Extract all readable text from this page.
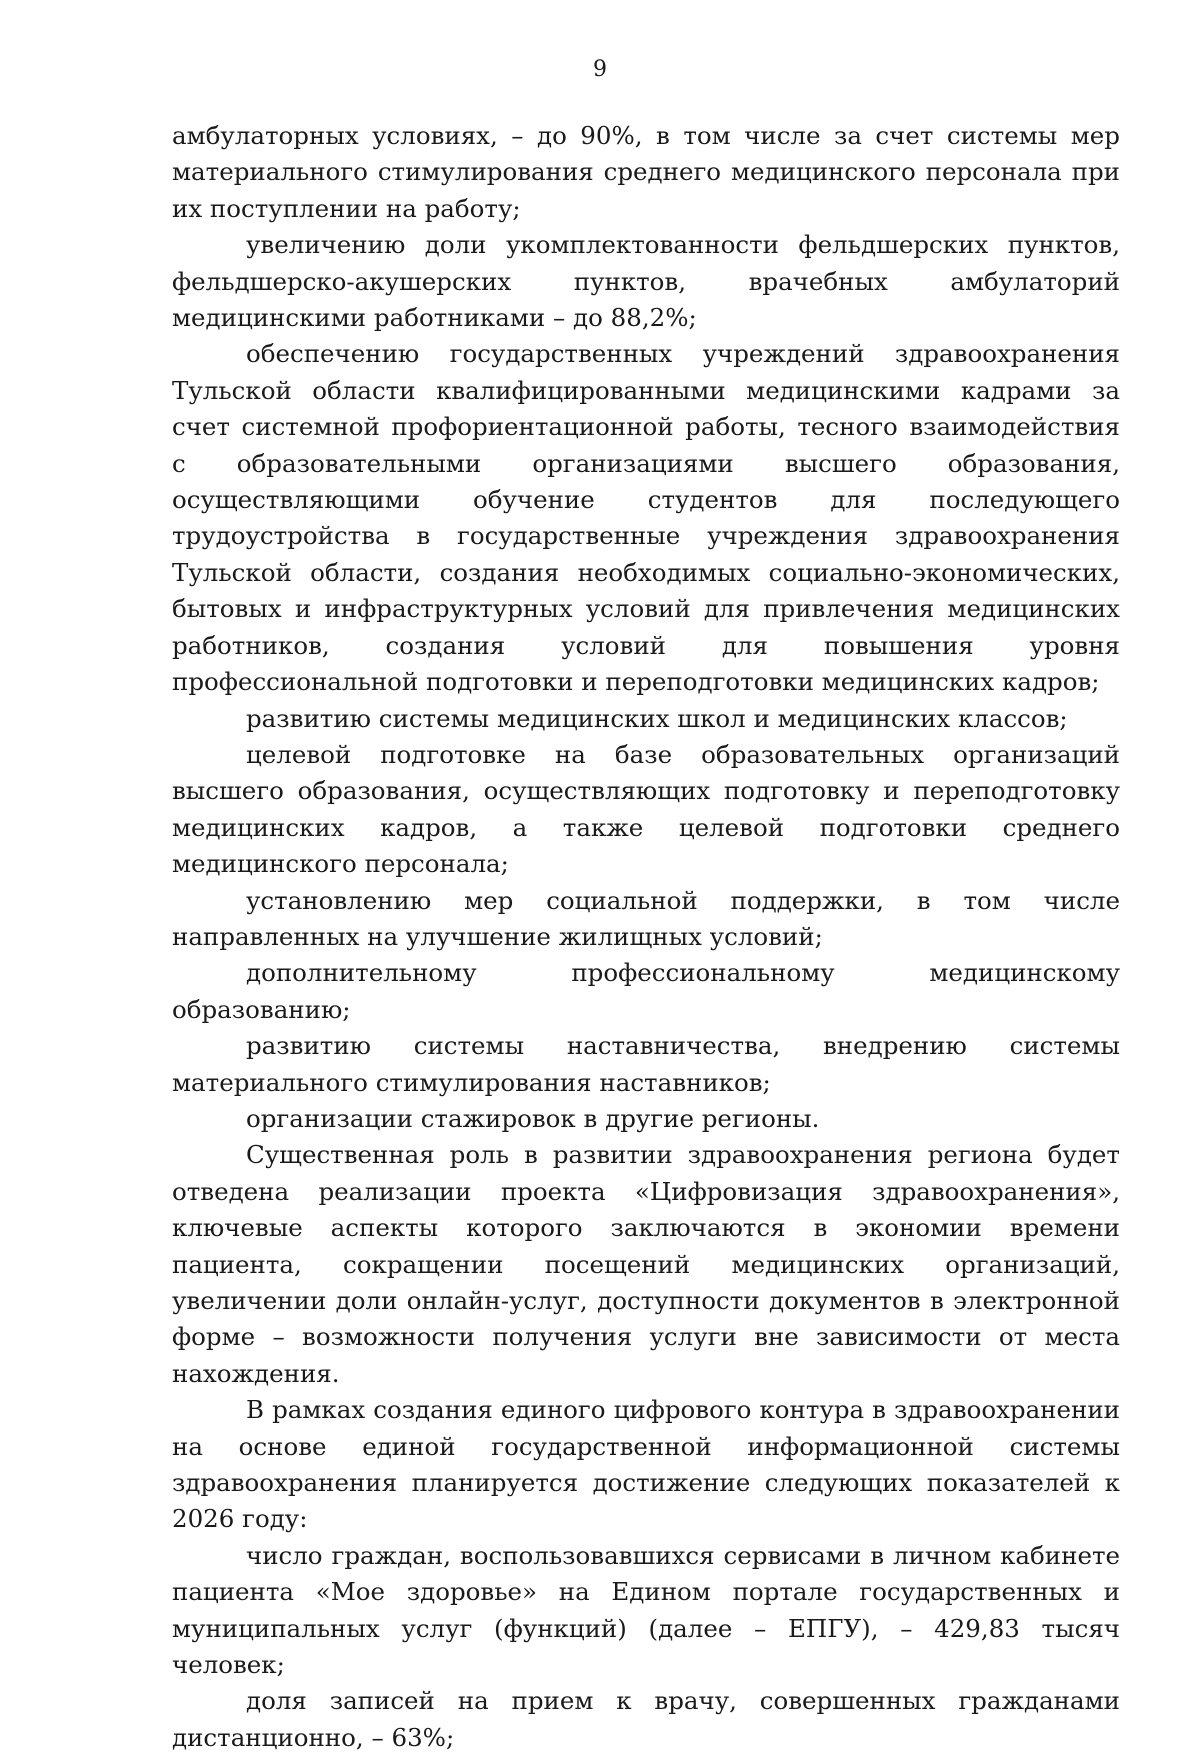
9

амбулаторных условиях, – до 90%, в том числе за счет системы мер материального стимулирования среднего медицинского персонала при их поступлении на работу;

увеличению доли укомплектованности фельдшерских пунктов, фельдшерско-акушерских пунктов, врачебных амбулаторий медицинскими работниками – до 88,2%;

обеспечению государственных учреждений здравоохранения Тульской области квалифицированными медицинскими кадрами за счет системной профориентационной работы, тесного взаимодействия с образовательными организациями высшего образования, осуществляющими обучение студентов для последующего трудоустройства в государственные учреждения здравоохранения Тульской области, создания необходимых социально-экономических, бытовых и инфраструктурных условий для привлечения медицинских работников, создания условий для повышения уровня профессиональной подготовки и переподготовки медицинских кадров;

развитию системы медицинских школ и медицинских классов;

целевой подготовке на базе образовательных организаций высшего образования, осуществляющих подготовку и переподготовку медицинских кадров, а также целевой подготовки среднего медицинского персонала;

установлению мер социальной поддержки, в том числе направленных на улучшение жилищных условий;

дополнительному профессиональному медицинскому образованию;

развитию системы наставничества, внедрению системы материального стимулирования наставников;

организации стажировок в другие регионы.

Существенная роль в развитии здравоохранения региона будет отведена реализации проекта «Цифровизация здравоохранения», ключевые аспекты которого заключаются в экономии времени пациента, сокращении посещений медицинских организаций, увеличении доли онлайн-услуг, доступности документов в электронной форме – возможности получения услуги вне зависимости от места нахождения.

В рамках создания единого цифрового контура в здравоохранении на основе единой государственной информационной системы здравоохранения планируется достижение следующих показателей к 2026 году:

число граждан, воспользовавшихся сервисами в личном кабинете пациента «Мое здоровье» на Едином портале государственных и муниципальных услуг (функций) (далее – ЕПГУ), – 429,83 тысяч человек;

доля записей на прием к врачу, совершенных гражданами дистанционно, – 63%;
